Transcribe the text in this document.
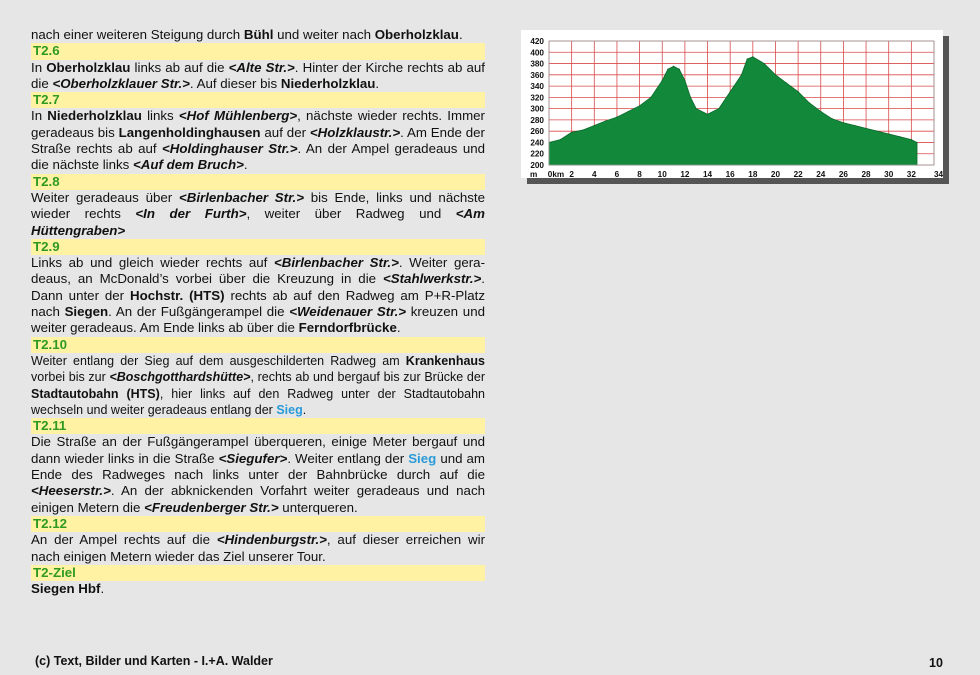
nach einer weiteren Steigung durch Bühl und weiter nach Oberholzklau.

T2.6

In Oberholzklau links ab auf die <Alte Str.>. Hinter der Kirche rechts ab auf die <Oberholzklauer Str.>. Auf dieser bis Niederholzklau.

T2.7

In Niederholzklau links <Hof Mühlenberg>, nächste wieder rechts. Immer geradeaus bis Langenholdinghausen auf der <Holzklaustr.>. Am Ende der Straße rechts ab auf <Holdinghauser Str.>. An der Ampel geradeaus und die nächste links <Auf dem Bruch>.

T2.8

Weiter geradeaus über <Birlenbacher Str.> bis Ende, links und nächste wieder rechts <In der Furth>, weiter über Radweg und <Am Hüttengraben>

T2.9

Links ab und gleich wieder rechts auf <Birlenbacher Str.>. Weiter geradeaus, an McDonald’s vorbei über die Kreuzung in die <Stahlwerkstr.>. Dann unter der Hochstr. (HTS) rechts ab auf den Radweg am P+R-Platz nach Siegen. An der Fußgängerampel die <Weidenauer Str.> kreuzen und weiter geradeaus. Am Ende links ab über die Ferndorfbrücke.

T2.10

Weiter entlang der Sieg auf dem ausgeschilderten Radweg am Krankenhaus vorbei bis zur <Boschgotthardshütte>, rechts ab und bergauf bis zur Brücke der Stadtautobahn (HTS), hier links auf den Radweg unter der Stadtautobahn wechseln und weiter geradeaus entlang der Sieg.

T2.11

Die Straße an der Fußgängerampel überqueren, einige Meter bergauf und dann wieder links in die Straße <Siegufer>. Weiter entlang der Sieg und am Ende des Radweges nach links unter der Bahnbrücke durch auf die <Heeserstr.>. An der abknickenden Vorfahrt weiter geradeaus und nach einigen Metern die <Freudenberger Str.> unterqueren.

T2.12

An der Ampel rechts auf die <Hindenburgstr.>, auf dieser erreichen wir nach einigen Metern wieder das Ziel unserer Tour.

T2-Ziel

Siegen Hbf.

200
220
240
260
280
300
320
340
360
380
400
420
0km 2 4 6 8 10 12 14 16 18 20 22 24 26 28 30 32 34
m
(c) Text, Bilder und Karten - I.+A. Walder	10
